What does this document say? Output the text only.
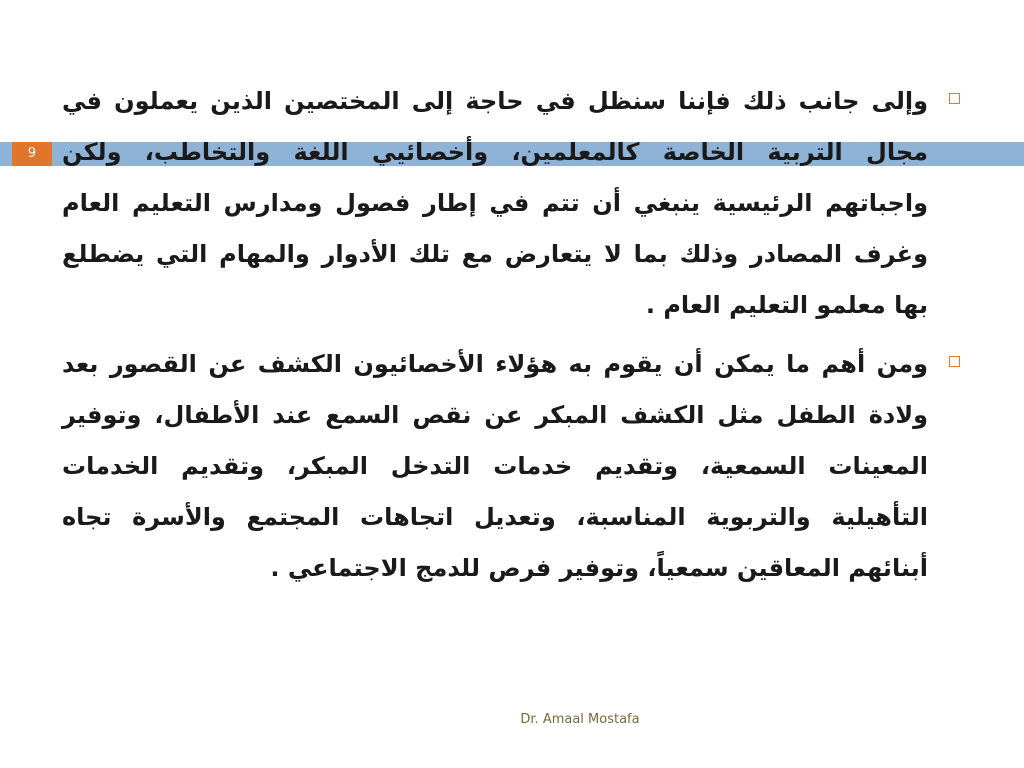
9

وإلى جانب ذلك فإننا سنظل في حاجة إلى المختصين الذين يعملون في مجال التربية الخاصة كالمعلمين، وأخصائيي اللغة والتخاطب، ولكن واجباتهم الرئيسية ينبغي أن تتم في إطار فصول ومدارس التعليم العام وغرف المصادر وذلك بما لا يتعارض مع تلك الأدوار والمهام التي يضطلع بها معلمو التعليم العام .

ومن أهم ما يمكن أن يقوم به هؤلاء الأخصائيون الكشف عن القصور بعد ولادة الطفل مثل الكشف المبكر عن نقص السمع عند الأطفال، وتوفير المعينات السمعية، وتقديم خدمات التدخل المبكر، وتقديم الخدمات التأهيلية والتربوية المناسبة، وتعديل اتجاهات المجتمع والأسرة تجاه أبنائهم المعاقين سمعياً، وتوفير فرص للدمج الاجتماعي .

Dr. Amaal Mostafa
